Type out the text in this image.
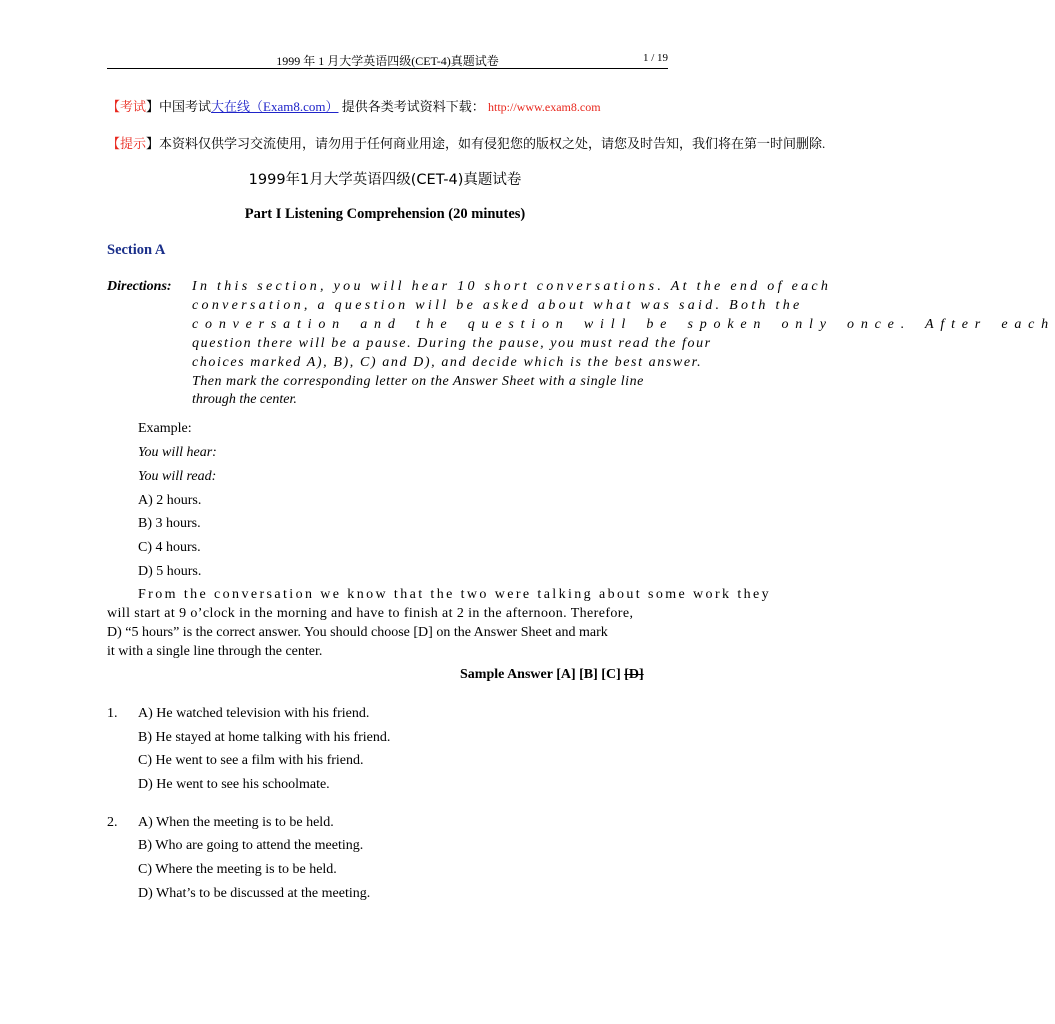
1999 年 1 月大学英语四级(CET-4)真题试卷	1 / 19
【考试】中国考试大在线（Exam8.com） 提供各类考试资料下载： http://www.exam8.com
【提示】本资料仅供学习交流使用，请勿用于任何商业用途，如有侵犯您的版权之处，请您及时告知，我们将在第一时间删除.
1999年1月大学英语四级(CET-4)真题试卷
Part I Listening Comprehension (20 minutes)
Section A
Directions: In this section, you will hear 10 short conversations. At the end of each
conversation, a question will be asked about what was said. Both the
conversation and the question will be spoken only once. After each
question there will be a pause. During the pause, you must read the four
choices marked A), B), C) and D), and decide which is the best answer.
Then mark the corresponding letter on the Answer Sheet with a single line
through the center.
Example:
You will hear:
You will read:
A) 2 hours.
B) 3 hours.
C) 4 hours.
D) 5 hours.
From the conversation we know that the two were talking about some work they
will start at 9 o’clock in the morning and have to finish at 2 in the afternoon. Therefore,
D) “5 hours” is the correct answer. You should choose [D] on the Answer Sheet and mark
it with a single line through the center.
Sample Answer [A] [B] [C] [D]
1. A) He watched television with his friend.
B) He stayed at home talking with his friend.
C) He went to see a film with his friend.
D) He went to see his schoolmate.
2. A) When the meeting is to be held.
B) Who are going to attend the meeting.
C) Where the meeting is to be held.
D) What’s to be discussed at the meeting.
